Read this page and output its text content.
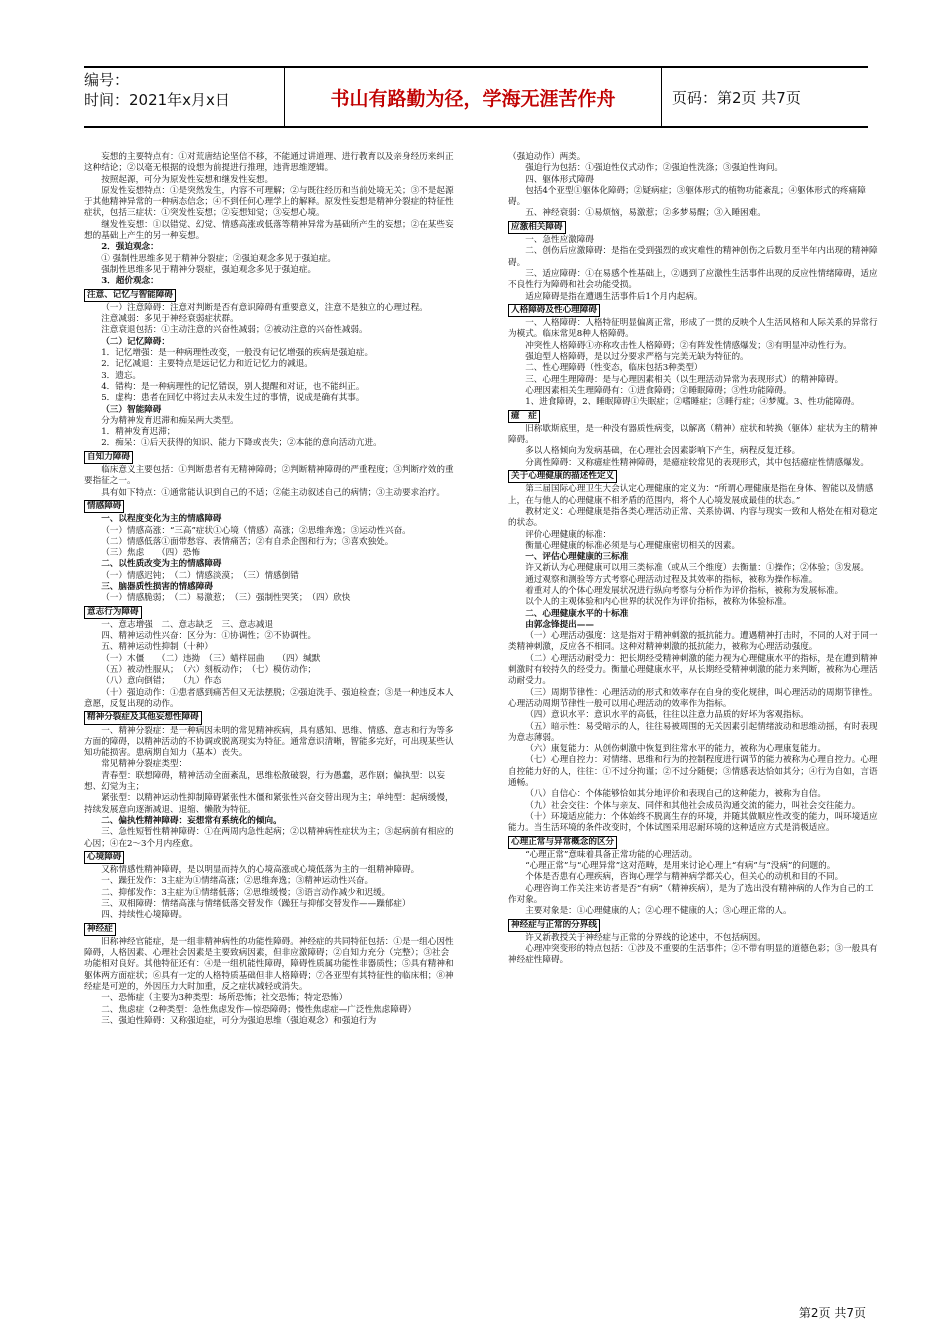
编号：
时间：2021年x月x日	书山有路勤为径，学海无涯苦作舟	页码：第2页 共7页

妄想的主要特点有：①对荒唐结论坚信不移，不能通过讲道理、进行教育以及亲身经历来纠正这种结论；②以毫无根据的设想为前提进行推理，违背思维逻辑。

按照起源，可分为原发性妄想和继发性妄想。

原发性妄想特点：①是突然发生，内容不可理解；②与既往经历和当前处境无关；③不是起源于其他精神异常的一种病态信念；④不到任何心理学上的解释。原发性妄想是精神分裂症的特征性症状，包括三症状：①突发性妄想；②妄想知觉；③妄想心境。

继发性妄想：①以错觉、幻觉、情感高涨或低落等精神异常为基础所产生的妄想；②在某些妄想的基础上产生的另一种妄想。

2．强迫观念：

① 强制性思维多见于精神分裂症；②强迫观念多见于强迫症。

强制性思维多见于精神分裂症，强迫观念多见于强迫症。

3．超价观念：

注意、记忆与智能障碍

（一）注意障碍：注意对判断是否有意识障碍有重要意义，注意不是独立的心理过程。

注意减弱：多见于神经衰弱症状群。

注意衰退包括：①主动注意的兴奋性减弱；②被动注意的兴奋性减弱。

（二）记忆障碍：

1．记忆增强：是一种病理性改变，一般没有记忆增强的疾病是强迫症。

2．记忆减退：主要特点是远记忆力和近记忆力的减退。

3．遗忘。

4．错构：是一种病理性的记忆错误，别人提醒和对证，也不能纠正。

5．虚构：患者在回忆中将过去从未发生过的事情，说成是确有其事。

（三）智能障碍

分为精神发育迟滞和痴呆两大类型。

1．精神发育迟滞；

2．痴呆：①后天获得的知识、能力下降或丧失；②本能的意向活动亢进。

自知力障碍

临床意义主要包括：①判断患者有无精神障碍；②判断精神障碍的严重程度；③判断疗效的重要指征之一。

具有如下特点：①通常能认识到自己的不适；②能主动叙述自己的病情；③主动要求治疗。

情感障碍

一、以程度变化为主的情感障碍

（一）情感高涨：“三高”症状①心境（情感）高涨；②思维奔逸；③运动性兴奋。

（二）情感低落①面带愁容、表情痛苦；②有自杀企图和行为；③喜欢独处。

（三）焦虑　　（四）恐怖

二、以性质改变为主的情感障碍

（一）情感迟钝；　（二）情感淡漠；　（三）情感倒错

三、脑器质性损害的情感障碍

（一）情感脆弱；　（二）易激惹；　（三）强制性哭笑；　（四）欣快

意志行为障碍

一、意志增强　二、意志缺乏　三、意志减退

四、精神运动性兴奋：区分为：①协调性；②不协调性。

五、精神运动性抑制（十种）

（一）木僵　　（二）违拗　（三）蜡样屈曲　　（四）缄默

（五）被动性服从；　（六）刻板动作；　（七）模仿动作；

（八）意向倒错；　　（九）作态

（十）强迫动作：①患者感到痛苦但又无法摆脱；②强迫洗手、强迫检查；③是一种违反本人意愿，反复出现的动作。

精神分裂症及其他妄想性障碍

一、精神分裂症：是一种病因未明的常见精神疾病，具有感知、思维、情感、意志和行为等多方面的障碍，以精神活动的不协调或脱离现实为特征。通常意识清晰，智能多完好，可出现某些认知功能损害。患病期自知力（基本）丧失。

常见精神分裂症类型：

青春型：联想障碍，精神活动全面紊乱，思维松散破裂，行为愚蠢，恶作剧；偏执型：以妄想、幻觉为主；

紧张型：以精神运动性抑制障碍紧张性木僵和紧张性兴奋交替出现为主；单纯型：起病缓慢，持续发展意向逐渐减退、退缩、懒散为特征。

二、偏执性精神障碍：妄想常有系统化的倾向。

三、急性短暂性精神障碍：①在两周内急性起病；②以精神病性症状为主；③起病前有相应的心因；④在2～3个月内痊愈。

心境障碍

又称情感性精神障碍，是以明显而持久的心境高涨或心境低落为主的一组精神障碍。

一、躁狂发作：3主症为①情绪高涨；②思维奔逸；③精神运动性兴奋。

二、抑郁发作：3主症为①情绪低落；②思维缓慢；③语言动作减少和迟缓。

三、双相障碍：情绪高涨与情绪低落交替发作（躁狂与抑郁交替发作——躁郁症）

四、持续性心境障碍。

神经症

旧称神经官能症，是一组非精神病性的功能性障碍。神经症的共同特征包括：①是一组心因性障碍，人格因素、心理社会因素是主要致病因素，但非应激障碍；②自知力充分（完整）；③社会功能相对良好。其他特征还有：④是一组机能性障碍，障碍性质属功能性非器质性；⑤具有精神和躯体两方面症状；⑥具有一定的人格特质基础但非人格障碍；⑦各亚型有其特征性的临床相；⑧神经症是可逆的，外因压力大时加重，反之症状减轻或消失。

一、恐怖症（主要为3种类型：场所恐怖；社交恐怖；特定恐怖）

二、焦虑症（2种类型：急性焦虑发作—惊恐障碍；慢性焦虑症—广泛性焦虑障碍）

三、强迫性障碍：又称强迫症，可分为强迫思维（强迫观念）和强迫行为

（强迫动作）两类。

强迫行为包括：①强迫性仪式动作；②强迫性洗涤；③强迫性询问。

四、躯体形式障碍

包括4个亚型①躯体化障碍；②疑病症；③躯体形式的植物功能紊乱；④躯体形式的疼痛障碍。

五、神经衰弱：①易烦恼，易激惹；②多梦易醒；③入睡困难。

应激相关障碍

一、急性应激障碍

二、创伤后应激障碍：是指在受到强烈的或灾难性的精神创伤之后数月至半年内出现的精神障碍。

三、适应障碍：①在易感个性基础上，②遇到了应激性生活事件出现的反应性情绪障碍，适应不良性行为障碍和社会功能受损。

适应障碍是指在遭遇生活事件后1个月内起病。

人格障碍及性心理障碍

一、人格障碍：人格特征明显偏离正常，形成了一贯的反映个人生活风格和人际关系的异常行为模式。临床常见8种人格障碍。

冲突性人格障碍①亦称攻击性人格障碍；②有阵发性情感爆发；③有明显冲动性行为。

强迫型人格障碍，是以过分要求严格与完美无缺为特征的。

二、性心理障碍（性变态，临床包括3种类型）

三、心理生理障碍：是与心理因素相关（以生理活动异常为表现形式）的精神障碍。

心理因素相关生理障碍有：①进食障碍；②睡眠障碍；③性功能障碍。

1、进食障碍，2、睡眠障碍①失眠症；②嗜睡症；③睡行症；④梦魇。3、性功能障碍。

癔　症

旧称歇斯底里，是一种没有器质性病变，以解离（精神）症状和转换（躯体）症状为主的精神障碍。

多以人格倾向为发病基础，在心理社会因素影响下产生，病程反复迁移。

分离性障碍：又称癔症性精神障碍，是癔症较常见的表现形式，其中包括癔症性情感爆发。

关于心理健康的描述性定义

第三届国际心理卫生大会认定心理健康的定义为：“所谓心理健康是指在身体、智能以及情感上，在与他人的心理健康不相矛盾的范围内，将个人心境发展成最佳的状态。”

教材定义：心理健康是指各类心理活动正常、关系协调、内容与现实一致和人格处在相对稳定的状态。

评价心理健康的标准：

衡量心理健康的标准必须是与心理健康密切相关的因素。

一、评估心理健康的三标准

许又新认为心理健康可以用三类标准（或从三个维度）去衡量：①操作；②体验；③发展。

通过观察和测验等方式考察心理活动过程及其效率的指标，被称为操作标准。

着重对人的个体心理发展状况进行纵向考察与分析作为评价指标，被称为发展标准。

以个人的主观体验和内心世界的状况作为评价指标，被称为体验标准。

二、心理健康水平的十标准

由郭念锋提出——

（一）心理活动强度：这是指对于精神刺激的抵抗能力。遭遇精神打击时，不同的人对于同一类精神刺激，反应各不相同。这种对精神刺激的抵抗能力，被称为心理活动强度。

（二）心理活动耐受力：把长期经受精神刺激的能力视为心理健康水平的指标，是在遭到精神刺激时有较持久的经受力。衡量心理健康水平，从长期经受精神刺激的能力来判断，被称为心理活动耐受力。

（三）周期节律性：心理活动的形式和效率存在自身的变化规律，叫心理活动的周期节律性。心理活动周期节律性一般可以用心理活动的效率作为指标。

（四）意识水平：意识水平的高低，往往以注意力品质的好坏为客观指标。

（五）暗示性：易受暗示的人，往往易被周围的无关因素引起情绪波动和思维动摇，有时表现为意志薄弱。

（六）康复能力：从创伤刺激中恢复到往常水平的能力，被称为心理康复能力。

（七）心理自控力：对情绪、思维和行为的控制程度进行调节的能力被称为心理自控力。心理自控能力好的人，往往：①不过分拘谨；②不过分随便；③情感表达恰如其分；④行为自如，言语通畅。

（八）自信心：个体能够恰如其分地评价和表现自己的这种能力，被称为自信。

（九）社会交往：个体与亲友、同伴和其他社会成员沟通交流的能力，叫社会交往能力。

（十）环境适应能力：个体始终不脱离生存的环境，并随其做顺应性改变的能力，叫环境适应能力。当生活环境的条件改变时，个体试图采用忍耐环境的这种适应方式是消极适应。

心理正常与异常概念的区分

“心理正常”意味着具备正常功能的心理活动。

“心理正常”与“心理异常”这对范畴，是用来讨论心理上“有病”与“没病”的问题的。

个体是否患有心理疾病，咨询心理学与精神病学都关心，但关心的动机和目的不同。

心理咨询工作关注来访者是否“有病”（精神疾病），是为了选出没有精神病的人作为自己的工作对象。

主要对象是：①心理健康的人；②心理不健康的人；③心理正常的人。

神经症与正常的分界线

许又新教授关于神经症与正常的分界线的论述中，不包括病因。

心理冲突变形的特点包括：①涉及不重要的生活事件；②不带有明显的道德色彩；③一般具有神经症性障碍。

第2页 共7页
